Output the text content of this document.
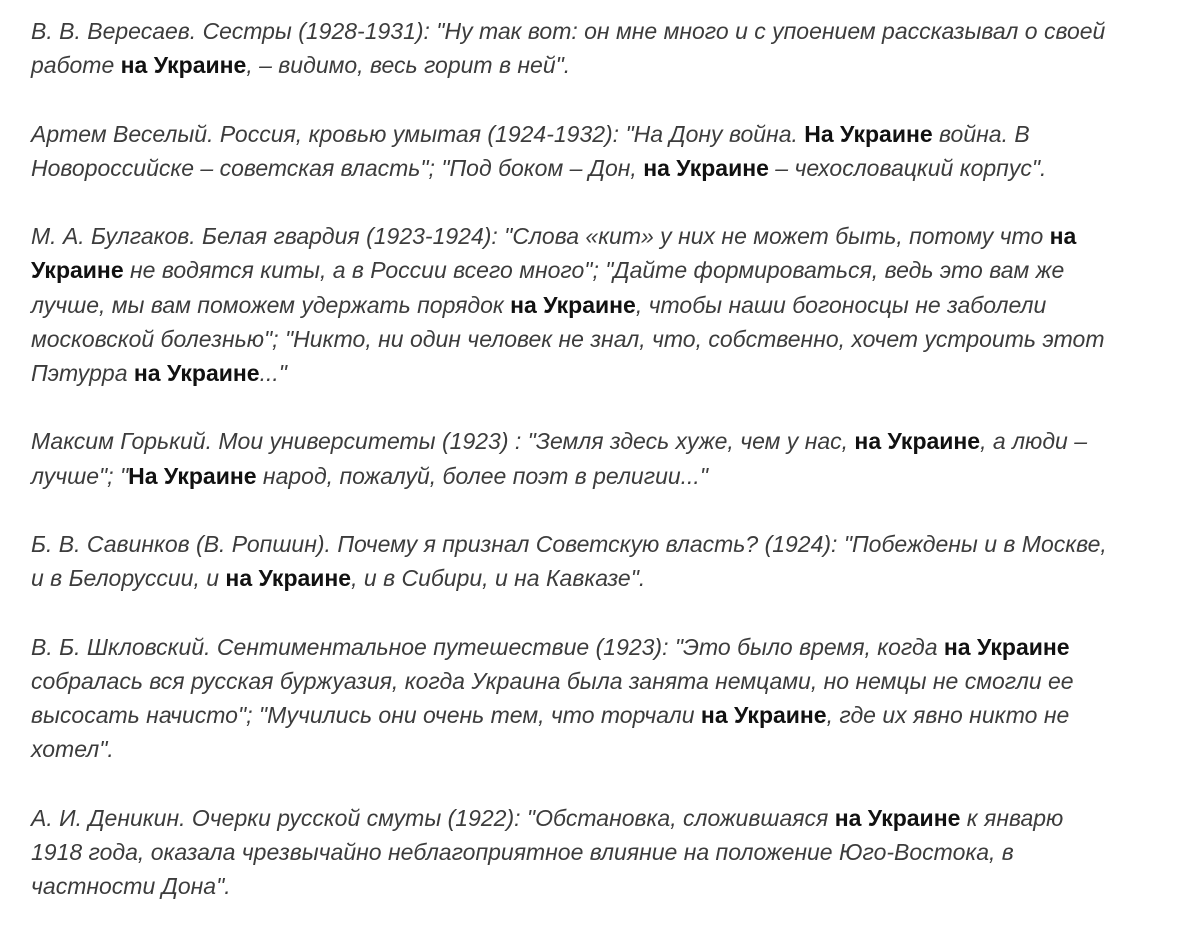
В. В. Вересаев. Сестры (1928-1931): "Ну так вот: он мне много и с упоением рассказывал о своей
работе на Украине, – видимо, весь горит в ней".

Артем Веселый. Россия, кровью умытая (1924-1932): "На Дону война. На Украине война. В
Новороссийске – советская власть"; "Под боком – Дон, на Украине – чехословацкий корпус".

М. А. Булгаков. Белая гвардия (1923-1924): "Слова «кит» у них не может быть, потому что на
Украине не водятся киты, а в России всего много"; "Дайте формироваться, ведь это вам же
лучше, мы вам поможем удержать порядок на Украине, чтобы наши богоносцы не заболели
московской болезнью"; "Никто, ни один человек не знал, что, собственно, хочет устроить этот
Пэтурра на Украине..."

Максим Горький. Мои университеты (1923) : "Земля здесь хуже, чем у нас, на Украине, а люди –
лучше"; "На Украине народ, пожалуй, более поэт в религии..."

Б. В. Савинков (В. Ропшин). Почему я признал Советскую власть? (1924): "Побеждены и в Москве,
и в Белоруссии, и на Украине, и в Сибири, и на Кавказе".

В. Б. Шкловский. Сентиментальное путешествие (1923): "Это было время, когда на Украине
собралась вся русская буржуазия, когда Украина была занята немцами, но немцы не смогли ее
высосать начисто"; "Мучились они очень тем, что торчали на Украине, где их явно никто не
хотел".

А. И. Деникин. Очерки русской смуты (1922): "Обстановка, сложившаяся на Украине к январю
1918 года, оказала чрезвычайно неблагоприятное влияние на положение Юго-Востока, в
частности Дона".
